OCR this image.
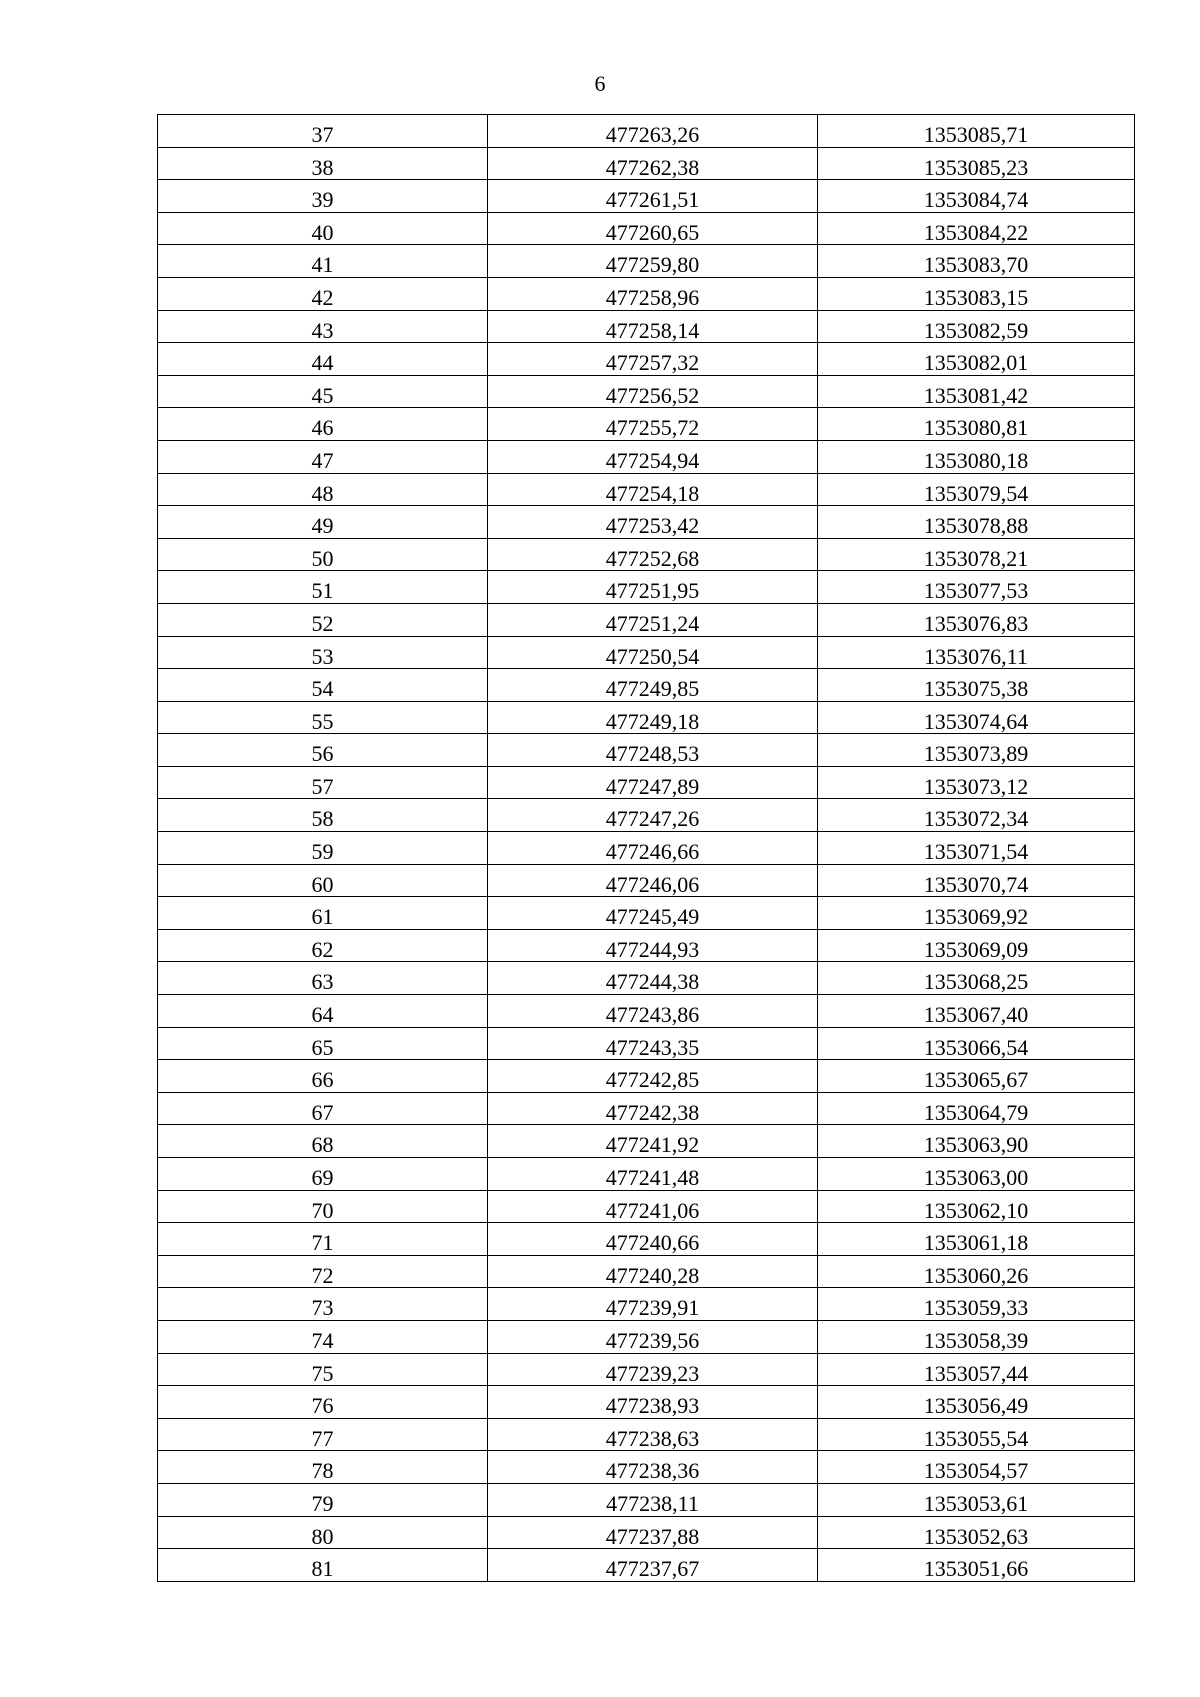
6
37	477263,26	1353085,71
38	477262,38	1353085,23
39	477261,51	1353084,74
40	477260,65	1353084,22
41	477259,80	1353083,70
42	477258,96	1353083,15
43	477258,14	1353082,59
44	477257,32	1353082,01
45	477256,52	1353081,42
46	477255,72	1353080,81
47	477254,94	1353080,18
48	477254,18	1353079,54
49	477253,42	1353078,88
50	477252,68	1353078,21
51	477251,95	1353077,53
52	477251,24	1353076,83
53	477250,54	1353076,11
54	477249,85	1353075,38
55	477249,18	1353074,64
56	477248,53	1353073,89
57	477247,89	1353073,12
58	477247,26	1353072,34
59	477246,66	1353071,54
60	477246,06	1353070,74
61	477245,49	1353069,92
62	477244,93	1353069,09
63	477244,38	1353068,25
64	477243,86	1353067,40
65	477243,35	1353066,54
66	477242,85	1353065,67
67	477242,38	1353064,79
68	477241,92	1353063,90
69	477241,48	1353063,00
70	477241,06	1353062,10
71	477240,66	1353061,18
72	477240,28	1353060,26
73	477239,91	1353059,33
74	477239,56	1353058,39
75	477239,23	1353057,44
76	477238,93	1353056,49
77	477238,63	1353055,54
78	477238,36	1353054,57
79	477238,11	1353053,61
80	477237,88	1353052,63
81	477237,67	1353051,66
